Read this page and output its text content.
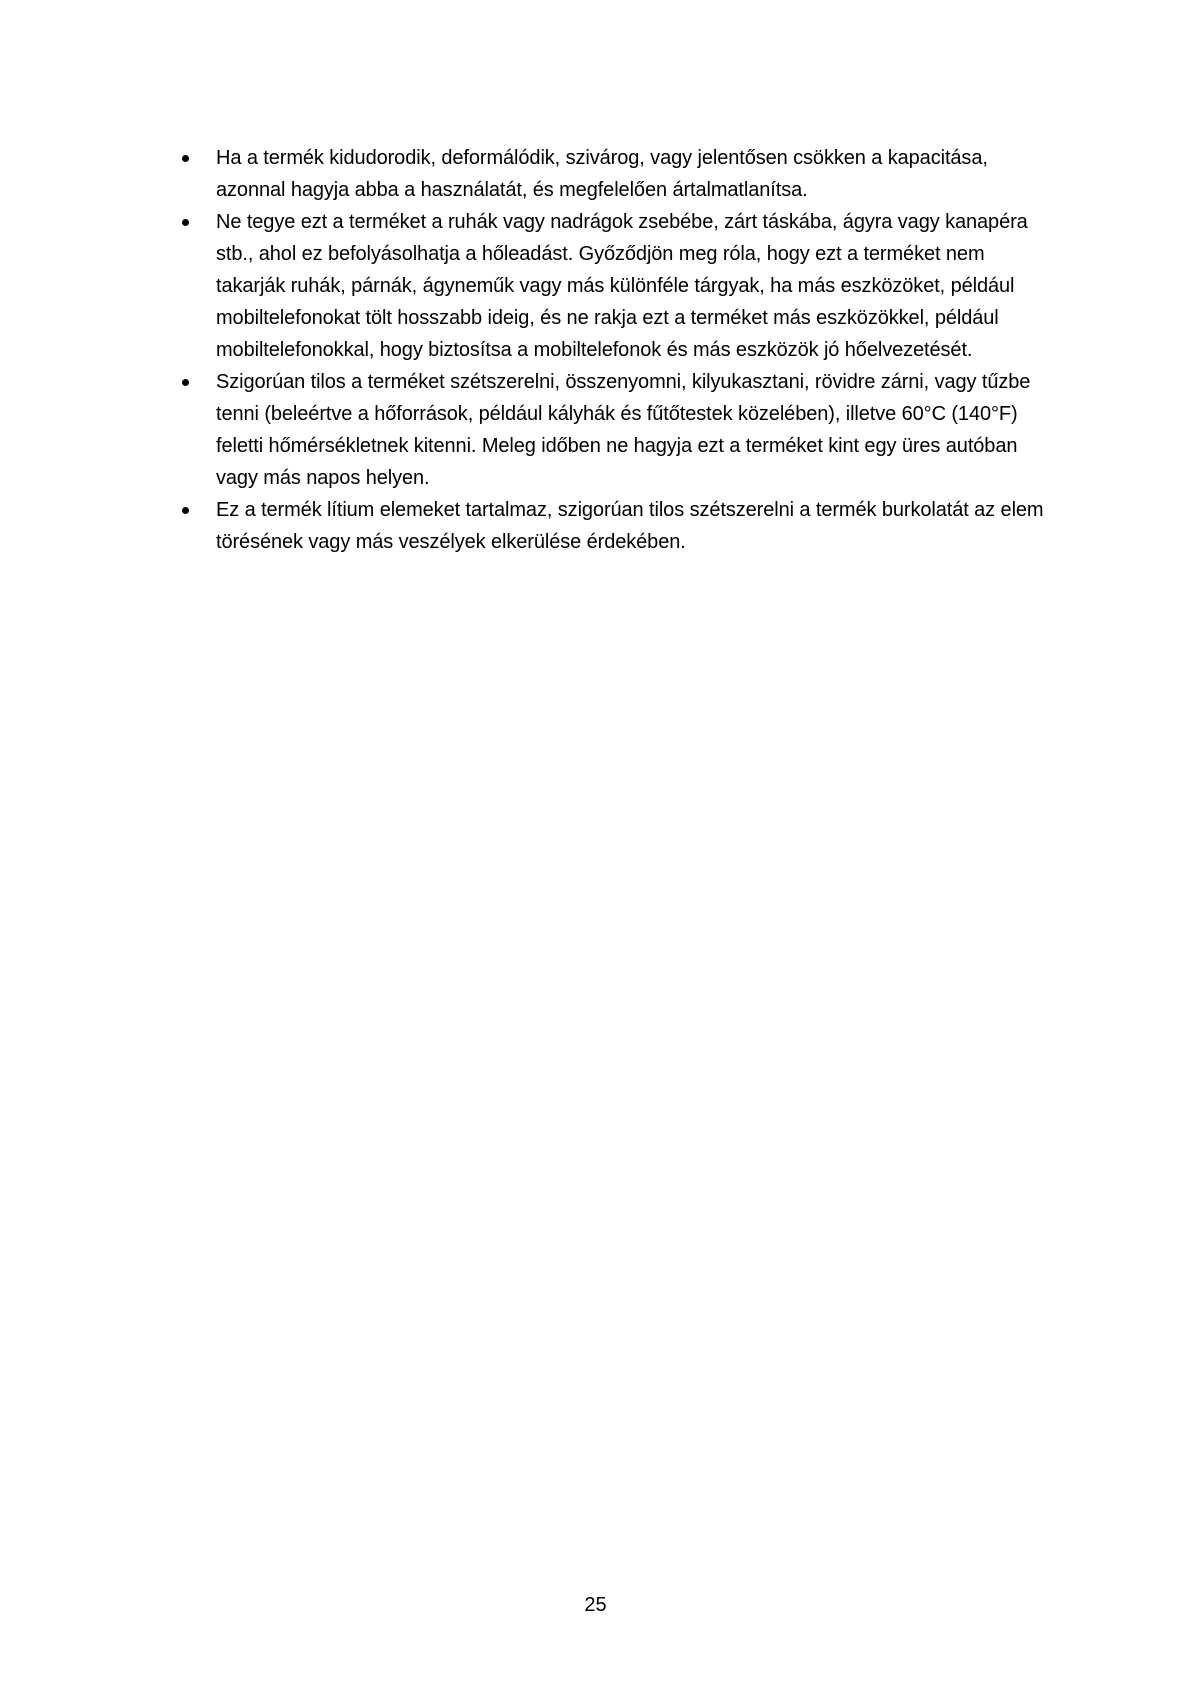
Ha a termék kidudorodik, deformálódik, szivárog, vagy jelentősen csökken a kapacitása, azonnal hagyja abba a használatát, és megfelelően ártalmatlanítsa.
Ne tegye ezt a terméket a ruhák vagy nadrágok zsebébe, zárt táskába, ágyra vagy kanapéra stb., ahol ez befolyásolhatja a hőleadást. Győződjön meg róla, hogy ezt a terméket nem takarják ruhák, párnák, ágyneműk vagy más különféle tárgyak, ha más eszközöket, például mobiltelefonokat tölt hosszabb ideig, és ne rakja ezt a terméket más eszközökkel, például mobiltelefonokkal, hogy biztosítsa a mobiltelefonok és más eszközök jó hőelvezetését.
Szigorúan tilos a terméket szétszerelni, összenyomni, kilyukasztani, rövidre zárni, vagy tűzbe tenni (beleértve a hőforrások, például kályhák és fűtőtestek közelében), illetve 60°C (140°F) feletti hőmérsékletnek kitenni. Meleg időben ne hagyja ezt a terméket kint egy üres autóban vagy más napos helyen.
Ez a termék lítium elemeket tartalmaz, szigorúan tilos szétszerelni a termék burkolatát az elem törésének vagy más veszélyek elkerülése érdekében.
25
